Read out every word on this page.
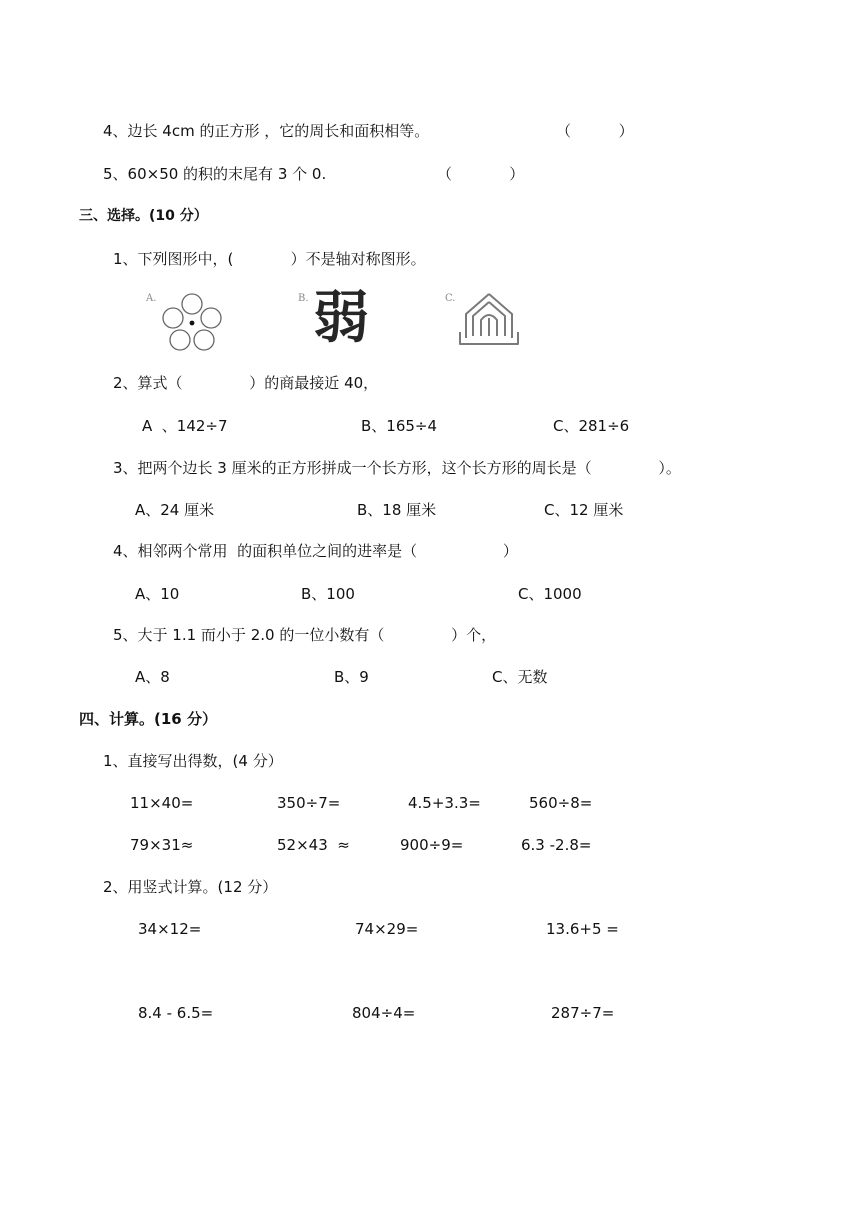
4、边长 4cm 的正方形 ，它的周长和面积相等。	（          ）
5、60×50 的积的末尾有 3 个 0.	（            ）
三、选择。(10 分）
1、下列图形中，(            ）不是轴对称图形。
A.	B. 弱	C.
2、算式（              ）的商最接近 40，
A  、142÷7	B、165÷4	C、281÷6
3、把两个边长 3 厘米的正方形拼成一个长方形，这个长方形的周长是（              ）。
A、24 厘米	B、18 厘米	C、12 厘米
4、相邻两个常用  的面积单位之间的进率是（                  ）
A、10	B、100	C、1000
5、大于 1.1 而小于 2.0 的一位小数有（              ）个，
A、8	B、9	C、无数
四、计算。(16 分）
1、直接写出得数，(4 分）
11×40=	350÷7=	4.5+3.3=	560÷8=
79×31≈	52×43  ≈	900÷9=	6.3 -2.8=
2、用竖式计算。(12 分）
34×12=	74×29=	13.6+5 =
8.4 - 6.5=	804÷4=	287÷7=
